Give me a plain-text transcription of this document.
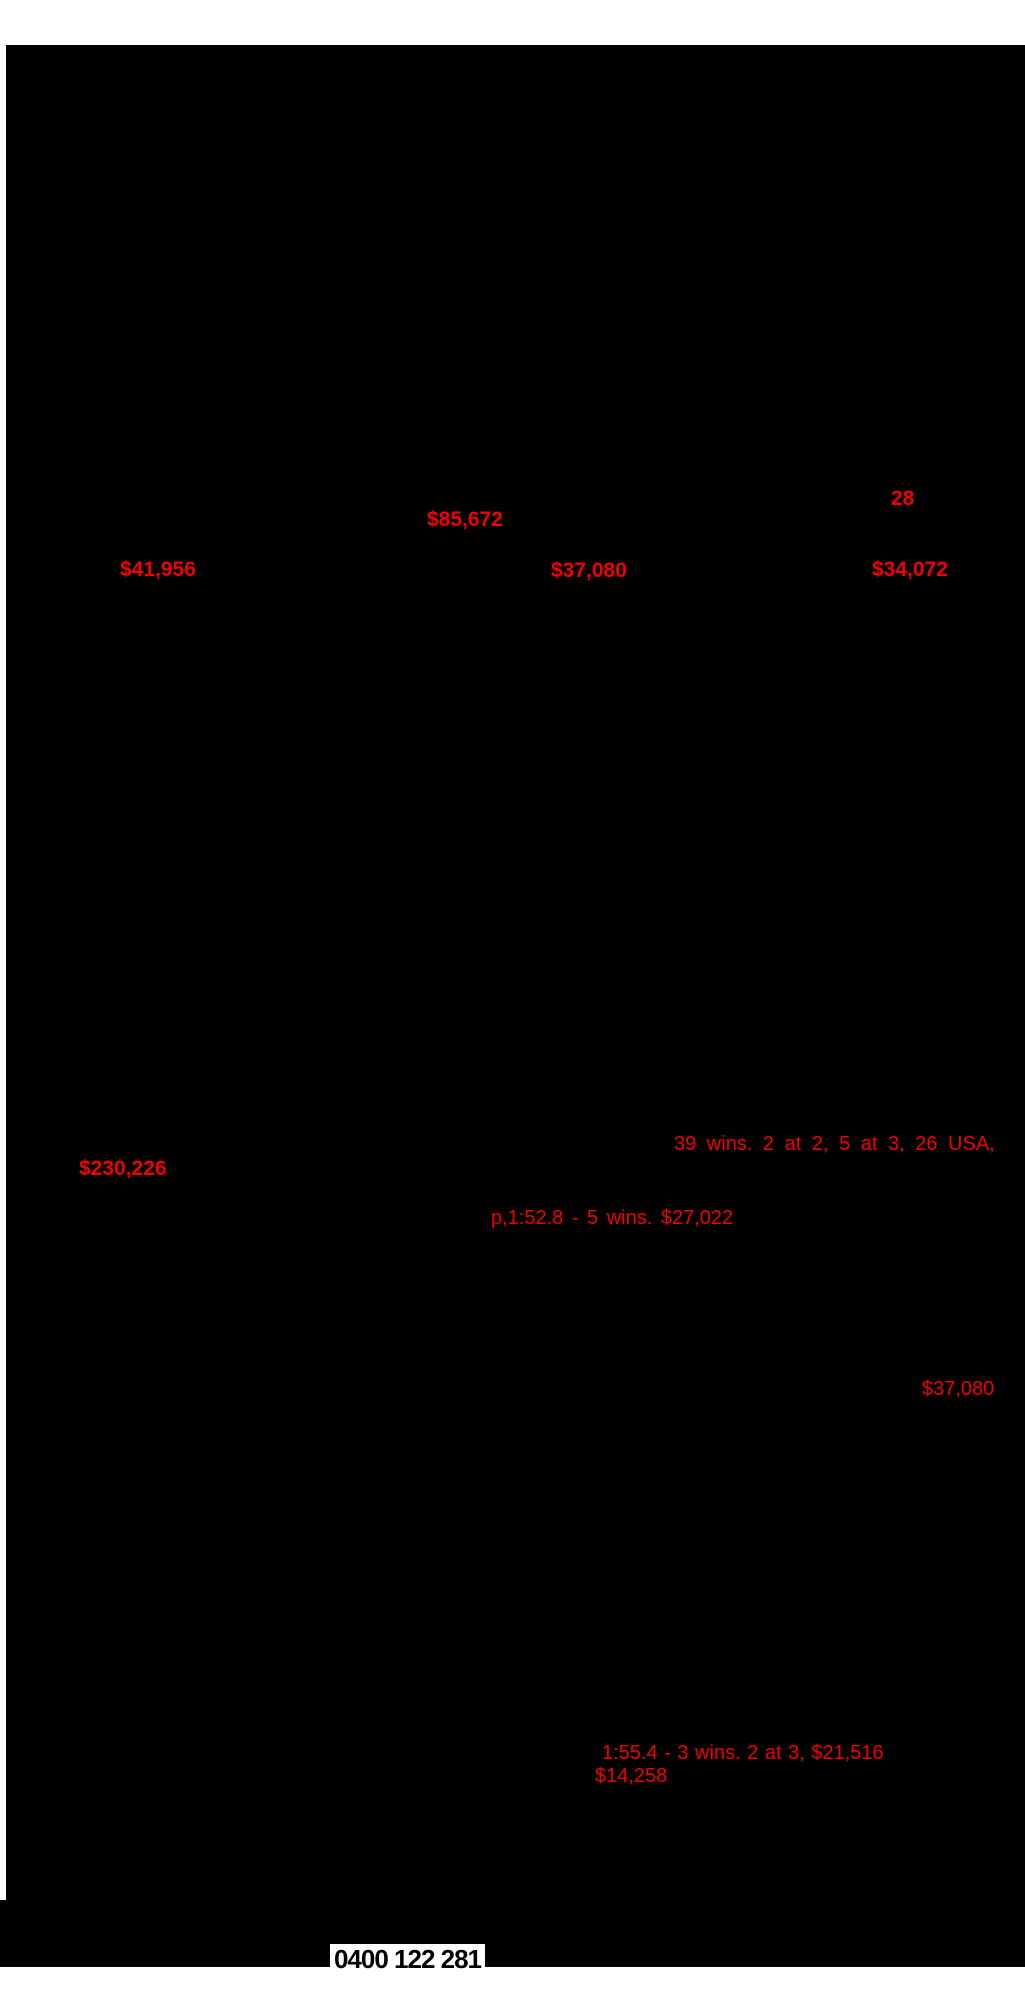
28
$85,672
$41,956	$37,080	$34,072
39 wins. 2 at 2, 5 at 3, 26 USA,
$230,226
p,1:52.8 - 5 wins. $27,022
$37,080
1:55.4 - 3 wins. 2 at 3, $21,516
$14,258
0400 122 281
